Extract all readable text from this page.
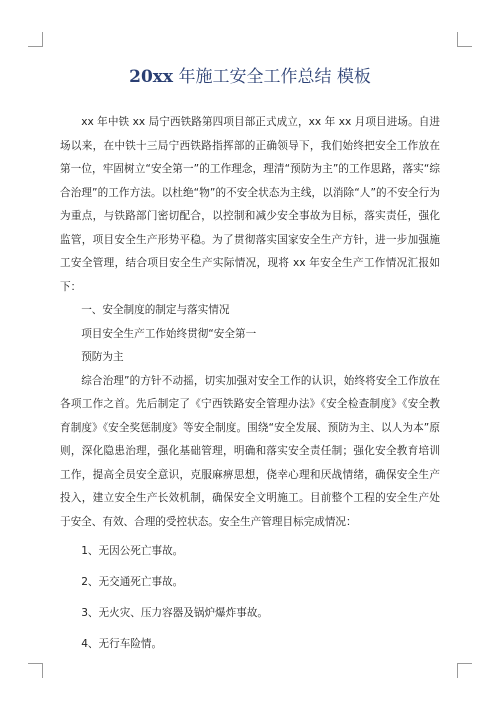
20xx 年施工安全工作总结 模板

xx 年中铁 xx 局宁西铁路第四项目部正式成立，xx 年 xx 月项目进场。自进场以来，在中铁十三局宁西铁路指挥部的正确领导下，我们始终把安全工作放在第一位，牢固树立“安全第一”的工作理念，理清“预防为主”的工作思路，落实“综合治理”的工作方法。以杜绝“物”的不安全状态为主线，以消除“人”的不安全行为为重点，与铁路部门密切配合，以控制和减少安全事故为目标，落实责任，强化监管，项目安全生产形势平稳。为了贯彻落实国家安全生产方针，进一步加强施工安全管理，结合项目安全生产实际情况，现将 xx 年安全生产工作情况汇报如下：

一、安全制度的制定与落实情况

项目安全生产工作始终贯彻“安全第一

预防为主

综合治理”的方针不动摇，切实加强对安全工作的认识，始终将安全工作放在各项工作之首。先后制定了《宁西铁路安全管理办法》《安全检查制度》《安全教育制度》《安全奖惩制度》等安全制度。围绕“安全发展、预防为主、以人为本”原则，深化隐患治理，强化基础管理，明确和落实安全责任制；强化安全教育培训工作，提高全员安全意识，克服麻痹思想，侥幸心理和厌战情绪，确保安全生产投入，建立安全生产长效机制，确保安全文明施工。目前整个工程的安全生产处于安全、有效、合理的受控状态。安全生产管理目标完成情况：

1、无因公死亡事故。

2、无交通死亡事故。

3、无火灾、压力容器及锅炉爆炸事故。

4、无行车险情。
